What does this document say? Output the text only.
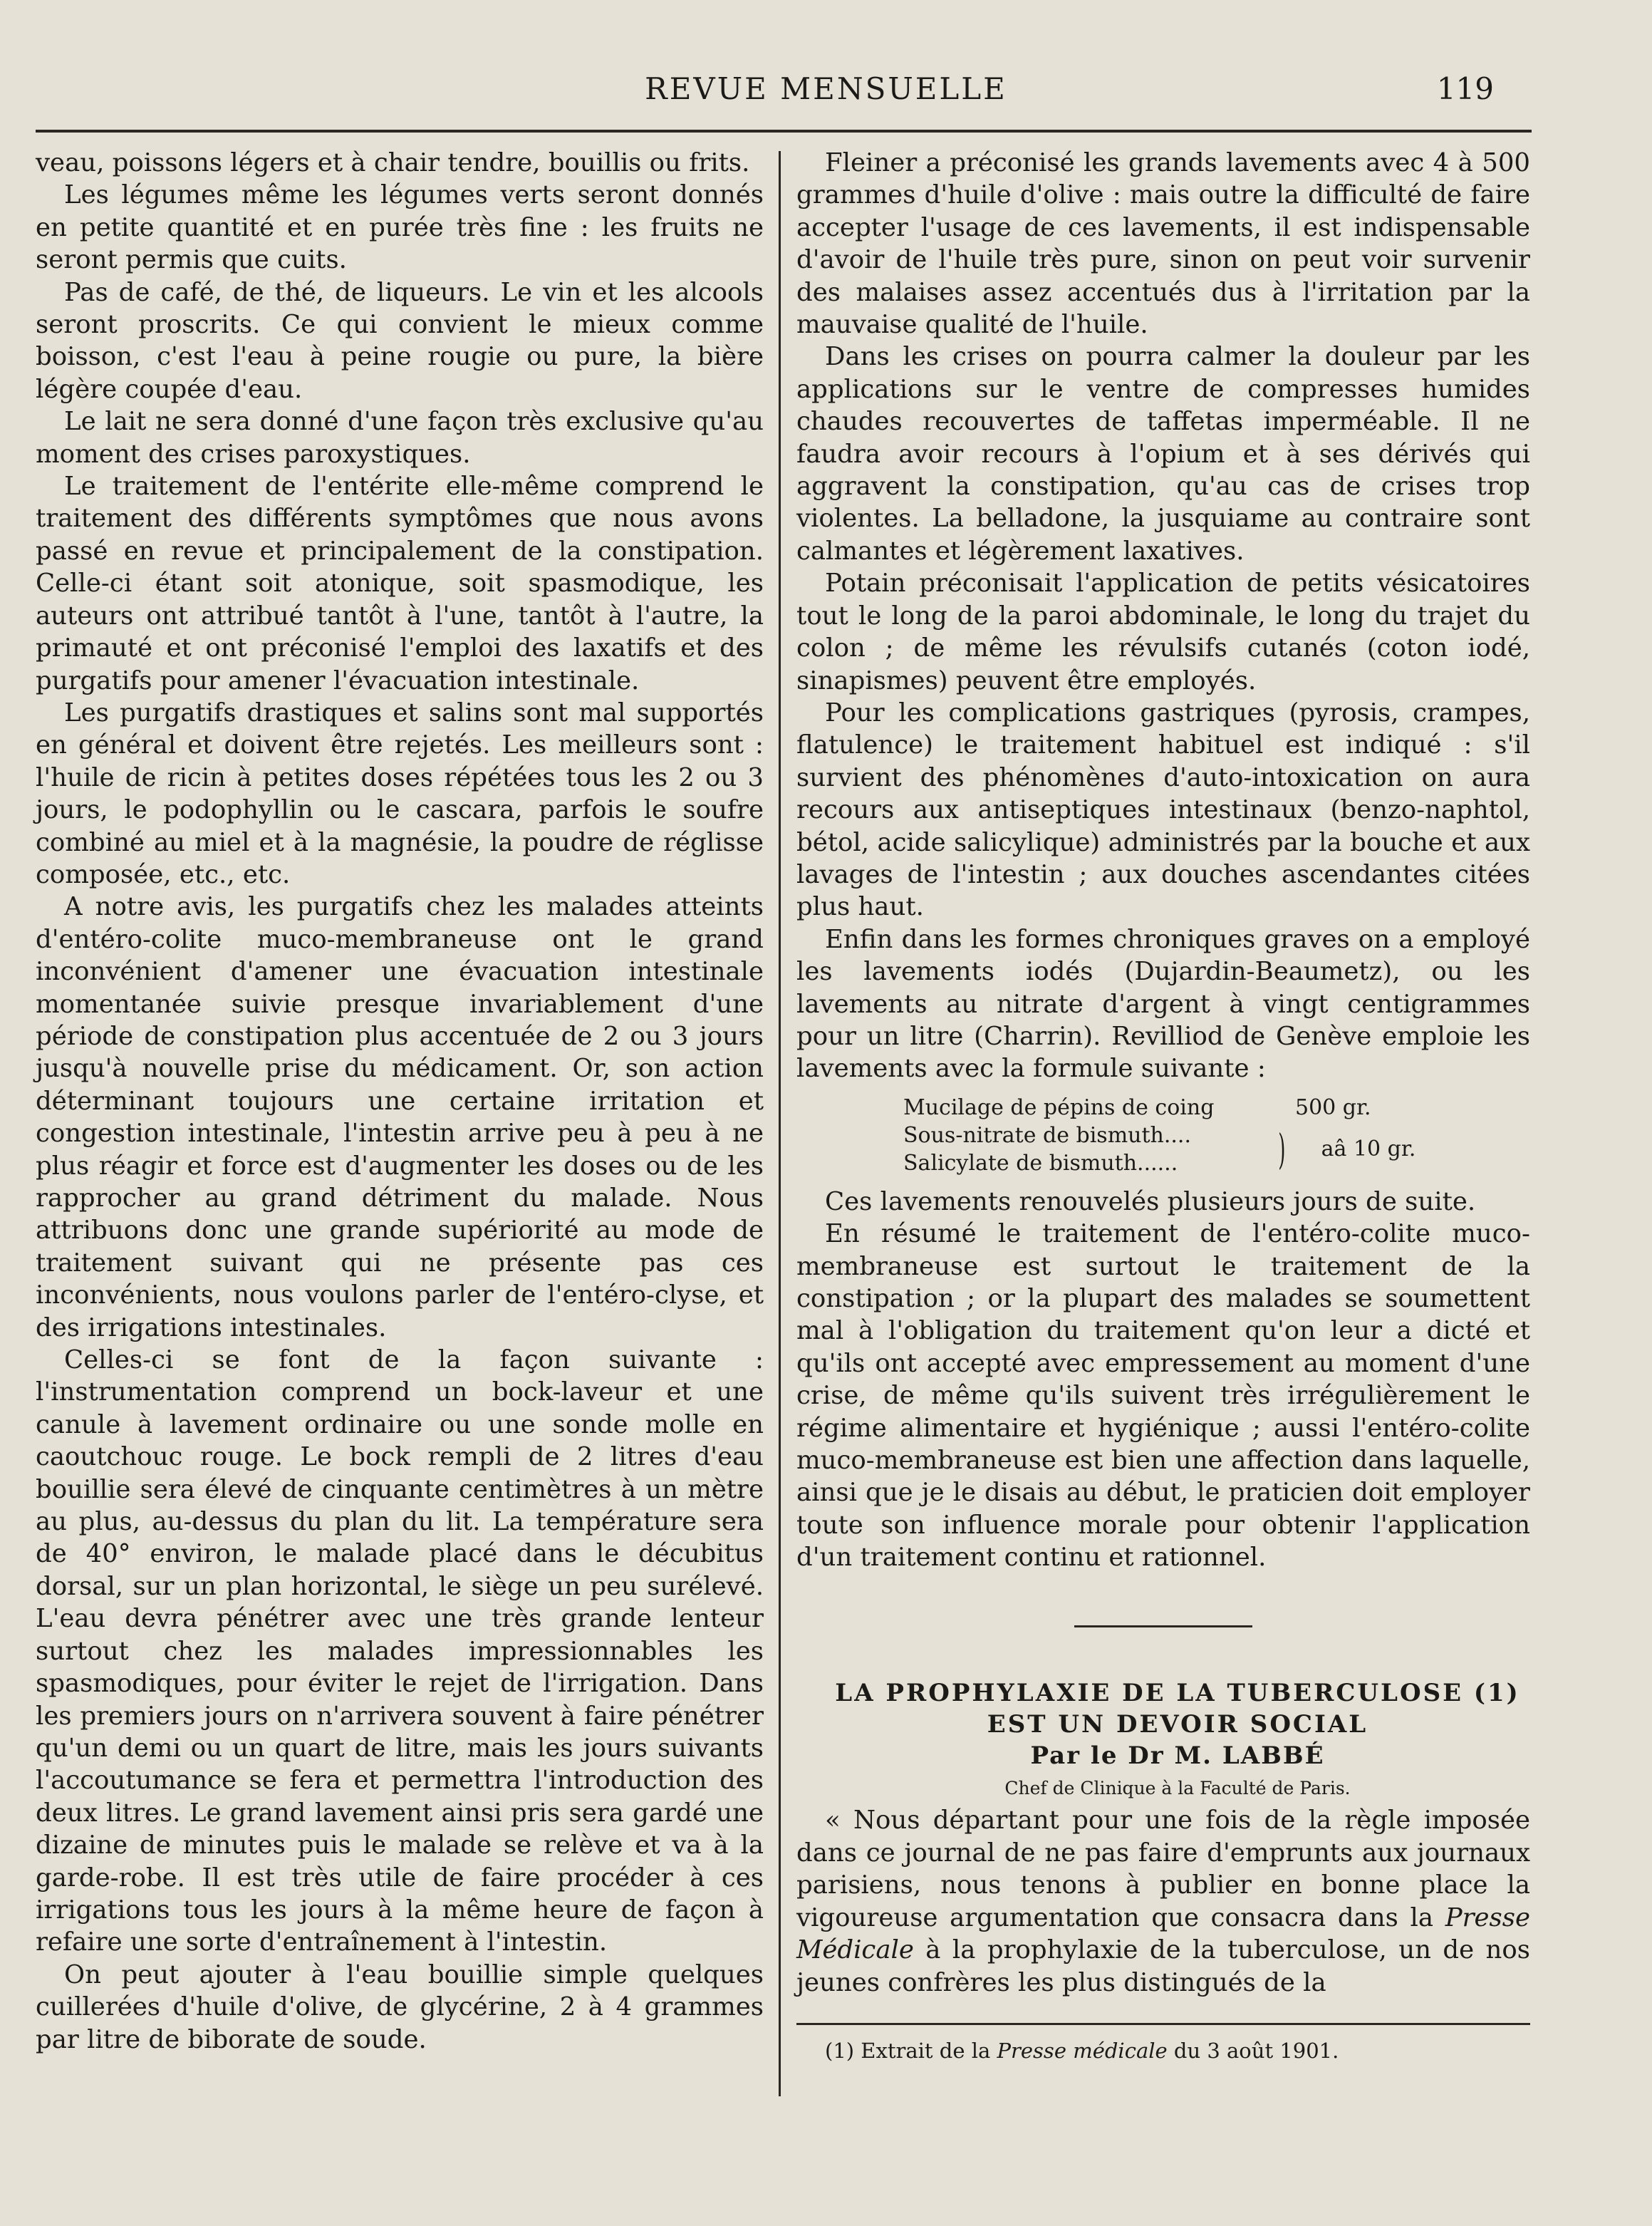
REVUE MENSUELLE	119

veau, poissons légers et à chair tendre, bouillis ou frits.

Les légumes même les légumes verts seront donnés en petite quantité et en purée très fine : les fruits ne seront permis que cuits.

Pas de café, de thé, de liqueurs. Le vin et les alcools seront proscrits. Ce qui convient le mieux comme boisson, c'est l'eau à peine rougie ou pure, la bière légère coupée d'eau.

Le lait ne sera donné d'une façon très exclusive qu'au moment des crises paroxystiques.

Le traitement de l'entérite elle-même comprend le traitement des différents symptômes que nous avons passé en revue et principalement de la constipation. Celle-ci étant soit atonique, soit spasmodique, les auteurs ont attribué tantôt à l'une, tantôt à l'autre, la primauté et ont préconisé l'emploi des laxatifs et des purgatifs pour amener l'évacuation intestinale.

Les purgatifs drastiques et salins sont mal supportés en général et doivent être rejetés. Les meilleurs sont : l'huile de ricin à petites doses répétées tous les 2 ou 3 jours, le podophyllin ou le cascara, parfois le soufre combiné au miel et à la magnésie, la poudre de réglisse composée, etc., etc.

A notre avis, les purgatifs chez les malades atteints d'entéro-colite muco-membraneuse ont le grand inconvénient d'amener une évacuation intestinale momentanée suivie presque invariablement d'une période de constipation plus accentuée de 2 ou 3 jours jusqu'à nouvelle prise du médicament. Or, son action déterminant toujours une certaine irritation et congestion intestinale, l'intestin arrive peu à peu à ne plus réagir et force est d'augmenter les doses ou de les rapprocher au grand détriment du malade. Nous attribuons donc une grande supériorité au mode de traitement suivant qui ne présente pas ces inconvénients, nous voulons parler de l'entéro-clyse, et des irrigations intestinales.

Celles-ci se font de la façon suivante : l'instrumentation comprend un bock-laveur et une canule à lavement ordinaire ou une sonde molle en caoutchouc rouge. Le bock rempli de 2 litres d'eau bouillie sera élevé de cinquante centimètres à un mètre au plus, au-dessus du plan du lit. La température sera de 40° environ, le malade placé dans le décubitus dorsal, sur un plan horizontal, le siège un peu surélevé. L'eau devra pénétrer avec une très grande lenteur surtout chez les malades impressionnables les spasmodiques, pour éviter le rejet de l'irrigation. Dans les premiers jours on n'arrivera souvent à faire pénétrer qu'un demi ou un quart de litre, mais les jours suivants l'accoutumance se fera et permettra l'introduction des deux litres. Le grand lavement ainsi pris sera gardé une dizaine de minutes puis le malade se relève et va à la garde-robe. Il est très utile de faire procéder à ces irrigations tous les jours à la même heure de façon à refaire une sorte d'entraînement à l'intestin.

On peut ajouter à l'eau bouillie simple quelques cuillerées d'huile d'olive, de glycérine, 2 à 4 grammes par litre de biborate de soude.

Fleiner a préconisé les grands lavements avec 4 à 500 grammes d'huile d'olive : mais outre la difficulté de faire accepter l'usage de ces lavements, il est indispensable d'avoir de l'huile très pure, sinon on peut voir survenir des malaises assez accentués dus à l'irritation par la mauvaise qualité de l'huile.

Dans les crises on pourra calmer la douleur par les applications sur le ventre de compresses humides chaudes recouvertes de taffetas imperméable. Il ne faudra avoir recours à l'opium et à ses dérivés qui aggravent la constipation, qu'au cas de crises trop violentes. La belladone, la jusquiame au contraire sont calmantes et légèrement laxatives.

Potain préconisait l'application de petits vésicatoires tout le long de la paroi abdominale, le long du trajet du colon ; de même les révulsifs cutanés (coton iodé, sinapismes) peuvent être employés.

Pour les complications gastriques (pyrosis, crampes, flatulence) le traitement habituel est indiqué : s'il survient des phénomènes d'auto-intoxication on aura recours aux antiseptiques intestinaux (benzo-naphtol, bétol, acide salicylique) administrés par la bouche et aux lavages de l'intestin ; aux douches ascendantes citées plus haut.

Enfin dans les formes chroniques graves on a employé les lavements iodés (Dujardin-Beaumetz), ou les lavements au nitrate d'argent à vingt centigrammes pour un litre (Charrin). Revilliod de Genève emploie les lavements avec la formule suivante :

Mucilage de pépins de coing	500 gr.
Sous-nitrate de bismuth....
Salicylate de bismuth......	) aâ 10 gr.

Ces lavements renouvelés plusieurs jours de suite.

En résumé le traitement de l'entéro-colite muco-membraneuse est surtout le traitement de la constipation ; or la plupart des malades se soumettent mal à l'obligation du traitement qu'on leur a dicté et qu'ils ont accepté avec empressement au moment d'une crise, de même qu'ils suivent très irrégulièrement le régime alimentaire et hygiénique ; aussi l'entéro-colite muco-membraneuse est bien une affection dans laquelle, ainsi que je le disais au début, le praticien doit employer toute son influence morale pour obtenir l'application d'un traitement continu et rationnel.

LA PROPHYLAXIE DE LA TUBERCULOSE (1)

EST UN DEVOIR SOCIAL

Par le Dr M. LABBÉ

Chef de Clinique à la Faculté de Paris.

« Nous départant pour une fois de la règle imposée dans ce journal de ne pas faire d'emprunts aux journaux parisiens, nous tenons à publier en bonne place la vigoureuse argumentation que consacra dans la Presse Médicale à la prophylaxie de la tuberculose, un de nos jeunes confrères les plus distingués de la

(1) Extrait de la Presse médicale du 3 août 1901.
